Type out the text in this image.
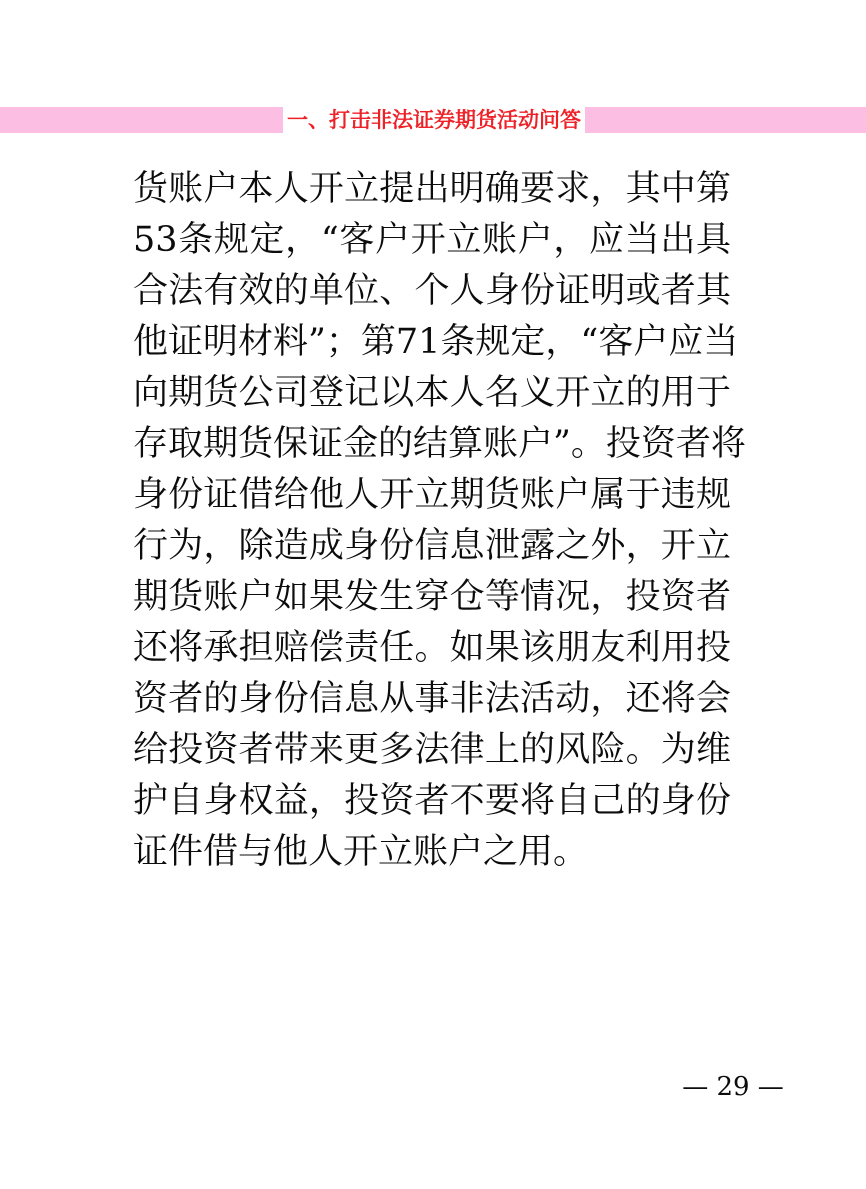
一、打击非法证券期货活动问答
货账户本人开立提出明确要求，其中第
53条规定，“客户开立账户，应当出具
合法有效的单位、个人身份证明或者其
他证明材料”；第71条规定，“客户应当
向期货公司登记以本人名义开立的用于
存取期货保证金的结算账户”。投资者将
身份证借给他人开立期货账户属于违规
行为，除造成身份信息泄露之外，开立
期货账户如果发生穿仓等情况，投资者
还将承担赔偿责任。如果该朋友利用投
资者的身份信息从事非法活动，还将会
给投资者带来更多法律上的风险。为维
护自身权益，投资者不要将自己的身份
证件借与他人开立账户之用。
— 29 —
